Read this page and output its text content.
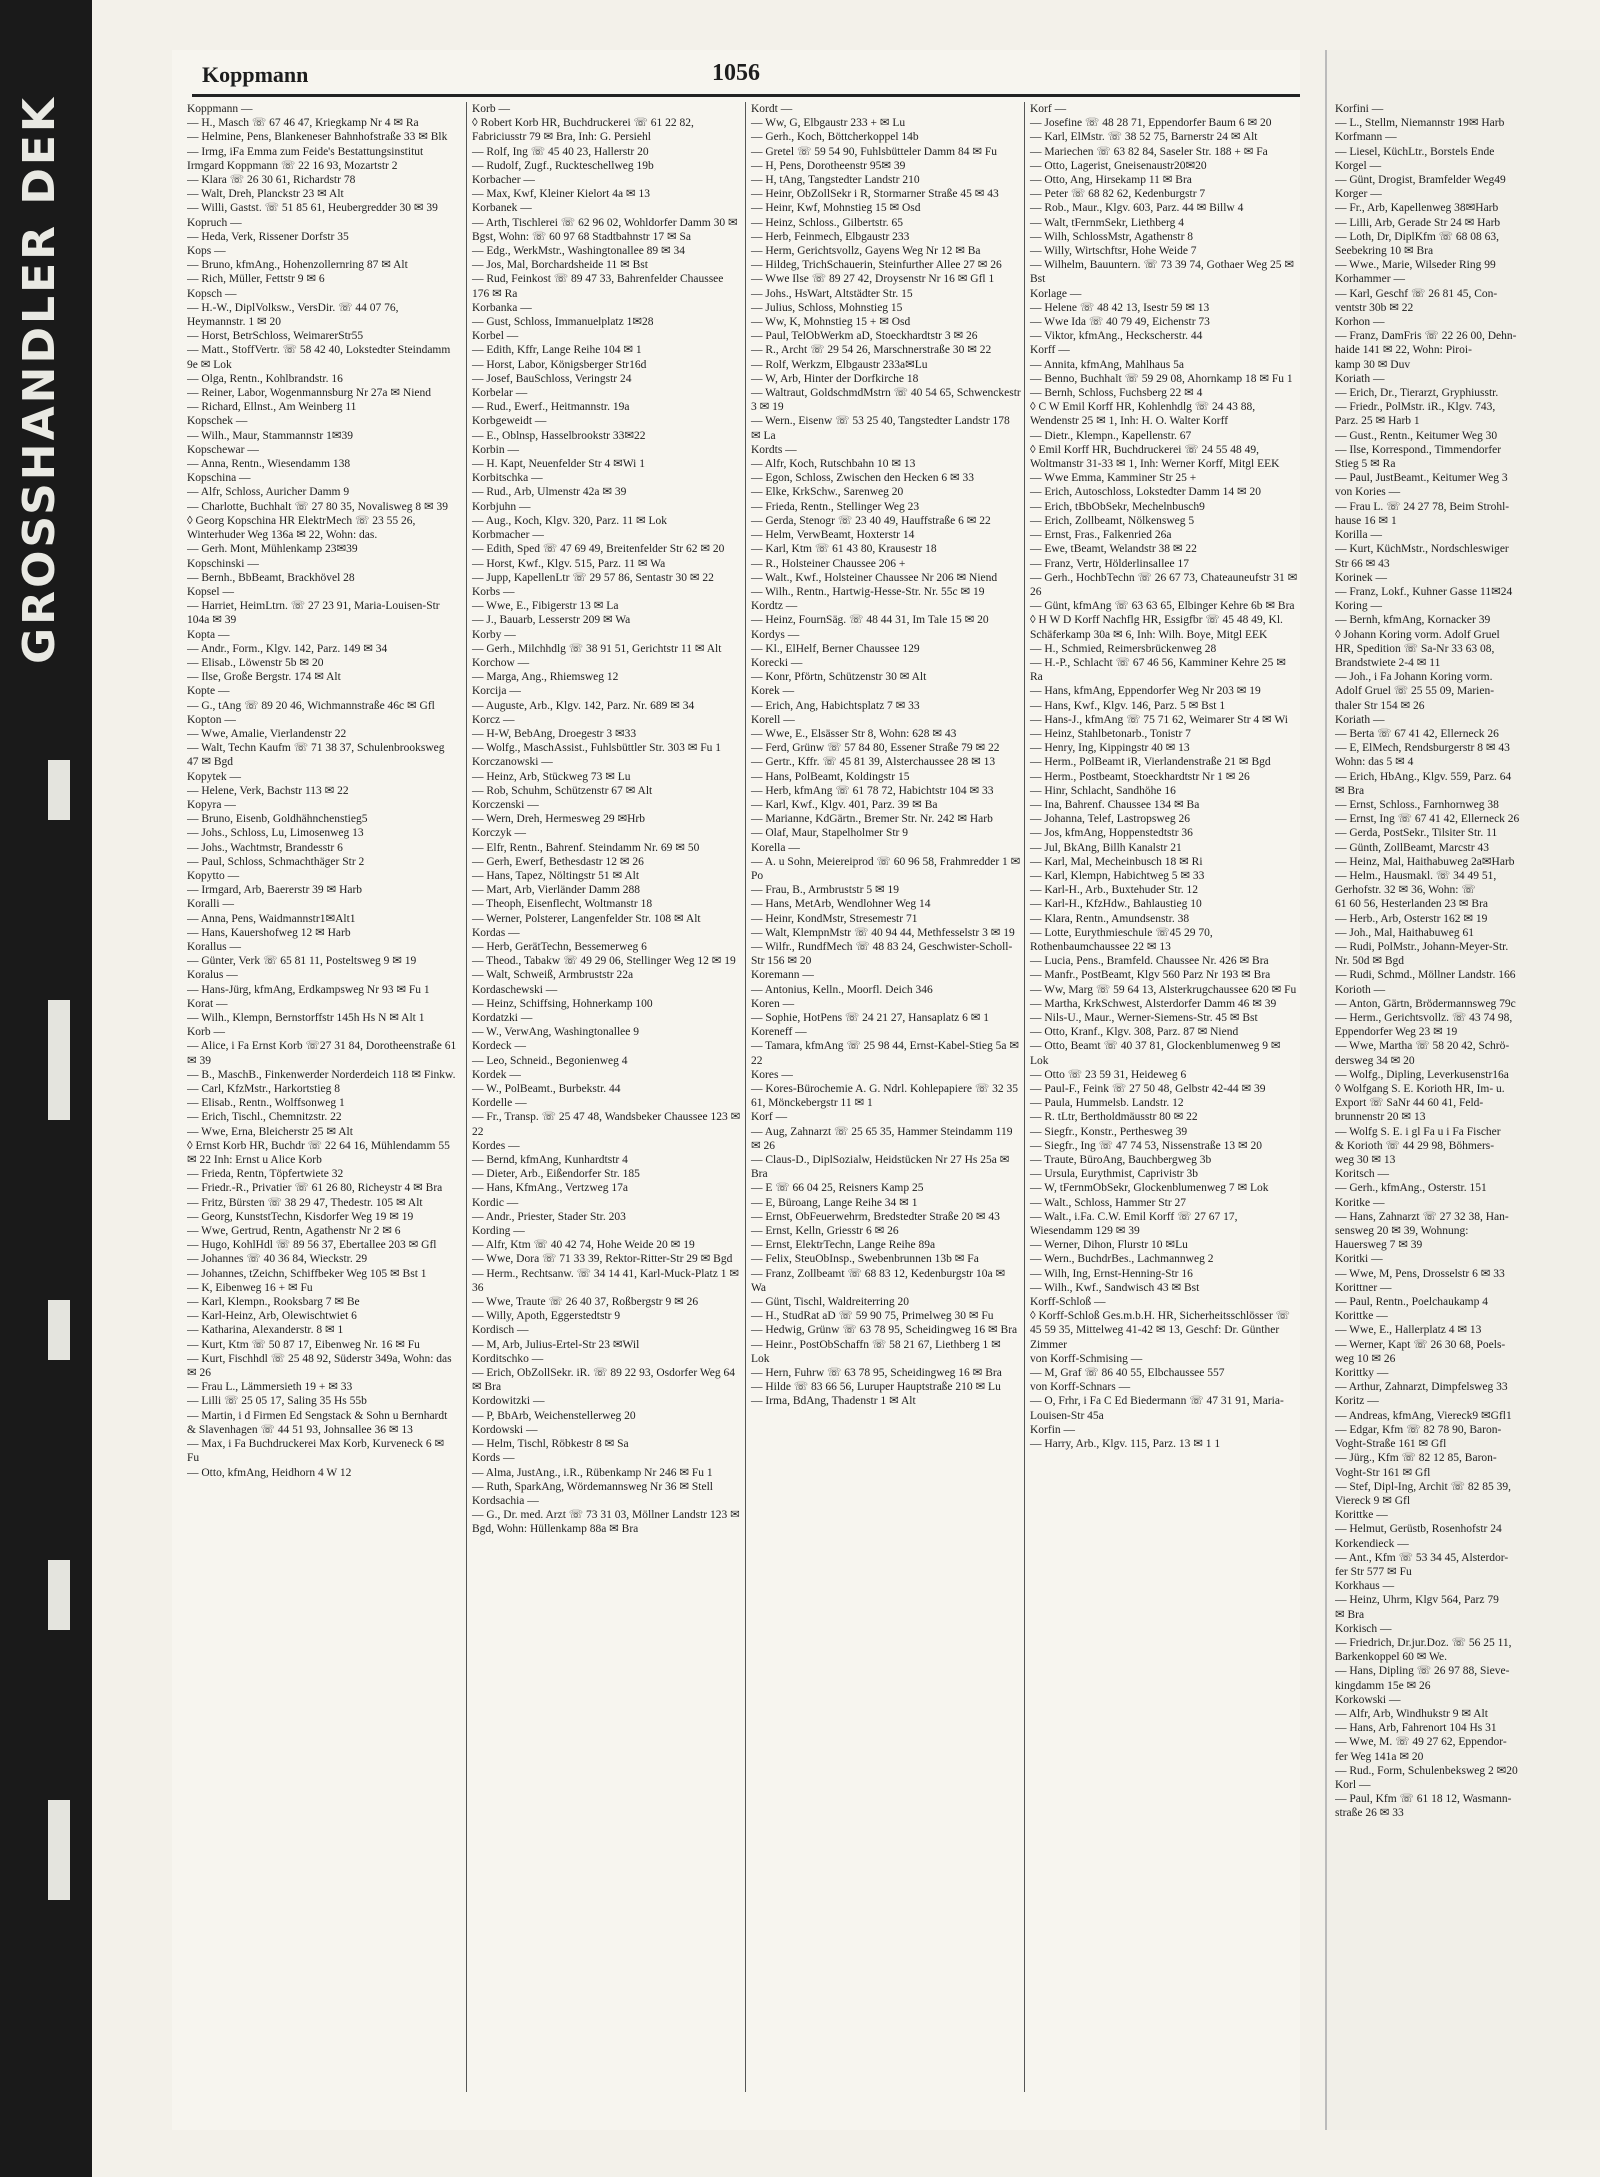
GROSSHANDLER DEK
Koppmann	1056

Koppmann —

— H., Masch ☏ 67 46 47, Kriegkamp Nr 4 ✉ Ra

— Helmine, Pens, Blankeneser Bahnhofstraße 33 ✉ Blk

— Irmg, iFa Emma zum Feide's Bestattungsinstitut Irmgard Koppmann ☏ 22 16 93, Mozartstr 2

— Klara ☏ 26 30 61, Richardstr 78

— Walt, Dreh, Planckstr 23 ✉ Alt

— Willi, Gastst. ☏ 51 85 61, Heubergredder 30 ✉ 39

Kopruch —

— Heda, Verk, Rissener Dorfstr 35

Kops —

— Bruno, kfmAng., Hohenzollernring 87 ✉ Alt

— Rich, Müller, Fettstr 9 ✉ 6

Kopsch —

— H.-W., DiplVolksw., VersDir. ☏ 44 07 76, Heymannstr. 1 ✉ 20

— Horst, BetrSchloss, WeimarerStr55

— Matt., StoffVertr. ☏ 58 42 40, Lokstedter Steindamm 9e ✉ Lok

— Olga, Rentn., Kohlbrandstr. 16

— Reiner, Labor, Wogenmannsburg Nr 27a ✉ Niend

— Richard, Ellnst., Am Weinberg 11

Kopschek —

— Wilh., Maur, Stammannstr 1✉39

Kopschewar —

— Anna, Rentn., Wiesendamm 138

Kopschina —

— Alfr, Schloss, Auricher Damm 9

— Charlotte, Buchhalt ☏ 27 80 35, Novalisweg 8 ✉ 39

◊ Georg Kopschina HR ElektrMech ☏ 23 55 26, Winterhuder Weg 136a ✉ 22, Wohn: das.

— Gerh. Mont, Mühlenkamp 23✉39

Kopschinski —

— Bernh., BbBeamt, Brackhövel 28

Kopsel —

— Harriet, HeimLtrn. ☏ 27 23 91, Maria-Louisen-Str 104a ✉ 39

Kopta —

— Andr., Form., Klgv. 142, Parz. 149 ✉ 34

— Elisab., Löwenstr 5b ✉ 20

— Ilse, Große Bergstr. 174 ✉ Alt

Kopte —

— G., tAng ☏ 89 20 46, Wichmannstraße 46c ✉ Gfl

Kopton —

— Wwe, Amalie, Vierlandenstr 22

— Walt, Techn Kaufm ☏ 71 38 37, Schulenbrooksweg 47 ✉ Bgd

Kopytek —

— Helene, Verk, Bachstr 113 ✉ 22

Kopyra —

— Bruno, Eisenb, Goldhähnchenstieg5

— Johs., Schloss, Lu, Limosenweg 13

— Johs., Wachtmstr, Brandesstr 6

— Paul, Schloss, Schmachthäger Str 2

Kopytto —

— Irmgard, Arb, Baererstr 39 ✉ Harb

Koralli —

— Anna, Pens, Waidmannstr1✉Alt1

— Hans, Kauershofweg 12 ✉ Harb

Korallus —

— Günter, Verk ☏ 65 81 11, Posteltsweg 9 ✉ 19

Koralus —

— Hans-Jürg, kfmAng, Erdkampsweg Nr 93 ✉ Fu 1

Korat —

— Wilh., Klempn, Bernstorffstr 145h Hs N ✉ Alt 1

Korb —

— Alice, i Fa Ernst Korb ☏27 31 84, Dorotheenstraße 61 ✉ 39

— B., MaschB., Finkenwerder Norderdeich 118 ✉ Finkw.

— Carl, KfzMstr., Harkortstieg 8

— Elisab., Rentn., Wolffsonweg 1

— Erich, Tischl., Chemnitzstr. 22

— Wwe, Erna, Bleicherstr 25 ✉ Alt

◊ Ernst Korb HR, Buchdr ☏ 22 64 16, Mühlendamm 55 ✉ 22 Inh: Ernst u Alice Korb

— Frieda, Rentn, Töpfertwiete 32

— Friedr.-R., Privatier ☏ 61 26 80, Richeystr 4 ✉ Bra

— Fritz, Bürsten ☏ 38 29 47, Thedestr. 105 ✉ Alt

— Georg, KunststTechn, Kisdorfer Weg 19 ✉ 19

— Wwe, Gertrud, Rentn, Agathenstr Nr 2 ✉ 6

— Hugo, KohlHdl ☏ 89 56 37, Ebertallee 203 ✉ Gfl

— Johannes ☏ 40 36 84, Wieckstr. 29

— Johannes, tZeichn, Schiffbeker Weg 105 ✉ Bst 1

— K, Eibenweg 16 + ✉ Fu

— Karl, Klempn., Rooksbarg 7 ✉ Be

— Karl-Heinz, Arb, Olewischtwiet 6

— Katharina, Alexanderstr. 8 ✉ 1

— Kurt, Ktm ☏ 50 87 17, Eibenweg Nr. 16 ✉ Fu

— Kurt, Fischhdl ☏ 25 48 92, Süderstr 349a, Wohn: das ✉ 26

— Frau L., Lämmersieth 19 + ✉ 33

— Lilli ☏ 25 05 17, Saling 35 Hs 55b

— Martin, i d Firmen Ed Sengstack & Sohn u Bernhardt & Slavenhagen ☏ 44 51 93, Johnsallee 36 ✉ 13

— Max, i Fa Buchdruckerei Max Korb, Kurveneck 6 ✉ Fu

— Otto, kfmAng, Heidhorn 4 W 12

Korb —

◊ Robert Korb HR, Buchdruckerei ☏ 61 22 82, Fabriciusstr 79 ✉ Bra, Inh: G. Persiehl

— Rolf, Ing ☏ 45 40 23, Hallerstr 20

— Rudolf, Zugf., Ruckteschellweg 19b

Korbacher —

— Max, Kwf, Kleiner Kielort 4a ✉ 13

Korbanek —

— Arth, Tischlerei ☏ 62 96 02, Wohldorfer Damm 30 ✉ Bgst, Wohn: ☏ 60 97 68 Stadtbahnstr 17 ✉ Sa

— Edg., WerkMstr., Washingtonallee 89 ✉ 34

— Jos, Mal, Borchardsheide 11 ✉ Bst

— Rud, Feinkost ☏ 89 47 33, Bahrenfelder Chaussee 176 ✉ Ra

Korbanka —

— Gust, Schloss, Immanuelplatz 1✉28

Korbel —

— Edith, Kffr, Lange Reihe 104 ✉ 1

— Horst, Labor, Königsberger Str16d

— Josef, BauSchloss, Veringstr 24

Korbelar —

— Rud., Ewerf., Heitmannstr. 19a

Korbgeweidt —

— E., Oblnsp, Hasselbrookstr 33✉22

Korbin —

— H. Kapt, Neuenfelder Str 4 ✉Wi 1

Korbitschka —

— Rud., Arb, Ulmenstr 42a ✉ 39

Korbjuhn —

— Aug., Koch, Klgv. 320, Parz. 11 ✉ Lok

Korbmacher —

— Edith, Sped ☏ 47 69 49, Breitenfelder Str 62 ✉ 20

— Horst, Kwf., Klgv. 515, Parz. 11 ✉ Wa

— Jupp, KapellenLtr ☏ 29 57 86, Sentastr 30 ✉ 22

Korbs —

— Wwe, E., Fibigerstr 13 ✉ La

— J., Bauarb, Lesserstr 209 ✉ Wa

Korby —

— Gerh., Milchhdlg ☏ 38 91 51, Gerichtstr 11 ✉ Alt

Korchow —

— Marga, Ang., Rhiemsweg 12

Korcija —

— Auguste, Arb., Klgv. 142, Parz. Nr. 689 ✉ 34

Korcz —

— H-W, BebAng, Droegestr 3 ✉33

— Wolfg., MaschAssist., Fuhlsbüttler Str. 303 ✉ Fu 1

Korczanowski —

— Heinz, Arb, Stückweg 73 ✉ Lu

— Rob, Schuhm, Schützenstr 67 ✉ Alt

Korczenski —

— Wern, Dreh, Hermesweg 29 ✉Hrb

Korczyk —

— Elfr, Rentn., Bahrenf. Steindamm Nr. 69 ✉ 50

— Gerh, Ewerf, Bethesdastr 12 ✉ 26

— Hans, Tapez, Nöltingstr 51 ✉ Alt

— Mart, Arb, Vierländer Damm 288

— Theoph, Eisenflecht, Woltmanstr 18

— Werner, Polsterer, Langenfelder Str. 108 ✉ Alt

Kordas —

— Herb, GerätTechn, Bessemerweg 6

— Theod., Tabakw ☏ 49 29 06, Stellinger Weg 12 ✉ 19

— Walt, Schweiß, Armbruststr 22a

Kordaschewski —

— Heinz, Schiffsing, Hohnerkamp 100

Kordatzki —

— W., VerwAng, Washingtonallee 9

Kordeck —

— Leo, Schneid., Begonienweg 4

Kordek —

— W., PolBeamt., Burbekstr. 44

Kordelle —

— Fr., Transp. ☏ 25 47 48, Wandsbeker Chaussee 123 ✉ 22

Kordes —

— Bernd, kfmAng, Kunhardtstr 4

— Dieter, Arb., Eißendorfer Str. 185

— Hans, KfmAng., Vertzweg 17a

Kordic —

— Andr., Priester, Stader Str. 203

Kording —

— Alfr, Ktm ☏ 40 42 74, Hohe Weide 20 ✉ 19

— Wwe, Dora ☏ 71 33 39, Rektor-Ritter-Str 29 ✉ Bgd

— Herm., Rechtsanw. ☏ 34 14 41, Karl-Muck-Platz 1 ✉ 36

— Wwe, Traute ☏ 26 40 37, Roßbergstr 9 ✉ 26

— Willy, Apoth, Eggerstedtstr 9

Kordisch —

— M, Arb, Julius-Ertel-Str 23 ✉Wil

Korditschko —

— Erich, ObZollSekr. iR. ☏ 89 22 93, Osdorfer Weg 64 ✉ Bra

Kordowitzki —

— P, BbArb, Weichenstellerweg 20

Kordowski —

— Helm, Tischl, Röbkestr 8 ✉ Sa

Kords —

— Alma, JustAng., i.R., Rübenkamp Nr 246 ✉ Fu 1

— Ruth, SparkAng, Wördemannsweg Nr 36 ✉ Stell

Kordsachia —

— G., Dr. med. Arzt ☏ 73 31 03, Möllner Landstr 123 ✉ Bgd, Wohn: Hüllenkamp 88a ✉ Bra

Kordt —

— Ww, G, Elbgaustr 233 + ✉ Lu

— Gerh., Koch, Böttcherkoppel 14b

— Gretel ☏ 59 54 90, Fuhlsbütteler Damm 84 ✉ Fu

— H, Pens, Dorotheenstr 95✉ 39

— H, tAng, Tangstedter Landstr 210

— Heinr, ObZollSekr i R, Stormarner Straße 45 ✉ 43

— Heinr, Kwf, Mohnstieg 15 ✉ Osd

— Heinz, Schloss., Gilbertstr. 65

— Herb, Feinmech, Elbgaustr 233

— Herm, Gerichtsvollz, Gayens Weg Nr 12 ✉ Ba

— Hildeg, TrichSchauerin, Steinfurther Allee 27 ✉ 26

— Wwe Ilse ☏ 89 27 42, Droysenstr Nr 16 ✉ Gfl 1

— Johs., HsWart, Altstädter Str. 15

— Julius, Schloss, Mohnstieg 15

— Ww, K, Mohnstieg 15 + ✉ Osd

— Paul, TelObWerkm aD, Stoeckhardtstr 3 ✉ 26

— R., Archt ☏ 29 54 26, Marschnerstraße 30 ✉ 22

— Rolf, Werkzm, Elbgaustr 233a✉Lu

— W, Arb, Hinter der Dorfkirche 18

— Waltraut, GoldschmdMstrn ☏ 40 54 65, Schwenckestr 3 ✉ 19

— Wern., Eisenw ☏ 53 25 40, Tangstedter Landstr 178 ✉ La

Kordts —

— Alfr, Koch, Rutschbahn 10 ✉ 13

— Egon, Schloss, Zwischen den Hecken 6 ✉ 33

— Elke, KrkSchw., Sarenweg 20

— Frieda, Rentn., Stellinger Weg 23

— Gerda, Stenogr ☏ 23 40 49, Hauffstraße 6 ✉ 22

— Helm, VerwBeamt, Hoxterstr 14

— Karl, Ktm ☏ 61 43 80, Krausestr 18

— R., Holsteiner Chaussee 206 +

— Walt., Kwf., Holsteiner Chaussee Nr 206 ✉ Niend

— Wilh., Rentn., Hartwig-Hesse-Str. Nr. 55c ✉ 19

Kordtz —

— Heinz, FournSäg. ☏ 48 44 31, Im Tale 15 ✉ 20

Kordys —

— Kl., ElHelf, Berner Chaussee 129

Korecki —

— Konr, Pförtn, Schützenstr 30 ✉ Alt

Korek —

— Erich, Ang, Habichtsplatz 7 ✉ 33

Korell —

— Wwe, E., Elsässer Str 8, Wohn: 628 ✉ 43

— Ferd, Grünw ☏ 57 84 80, Essener Straße 79 ✉ 22

— Gertr., Kffr. ☏ 45 81 39, Alsterchaussee 28 ✉ 13

— Hans, PolBeamt, Koldingstr 15

— Herb, kfmAng ☏ 61 78 72, Habichtstr 104 ✉ 33

— Karl, Kwf., Klgv. 401, Parz. 39 ✉ Ba

— Marianne, KdGärtn., Bremer Str. Nr. 242 ✉ Harb

— Olaf, Maur, Stapelholmer Str 9

Korella —

— A. u Sohn, Meiereiprod ☏ 60 96 58, Frahmredder 1 ✉ Po

— Frau, B., Armbruststr 5 ✉ 19

— Hans, MetArb, Wendlohner Weg 14

— Heinr, KondMstr, Stresemestr 71

— Walt, KlempnMstr ☏ 40 94 44, Methfesselstr 3 ✉ 19

— Wilfr., RundfMech ☏ 48 83 24, Geschwister-Scholl-Str 156 ✉ 20

Koremann —

— Antonius, Kelln., Moorfl. Deich 346

Koren —

— Sophie, HotPens ☏ 24 21 27, Hansaplatz 6 ✉ 1

Koreneff —

— Tamara, kfmAng ☏ 25 98 44, Ernst-Kabel-Stieg 5a ✉ 22

Kores —

— Kores-Bürochemie A. G. Ndrl. Kohlepapiere ☏ 32 35 61, Mönckebergstr 11 ✉ 1

Korf —

— Aug, Zahnarzt ☏ 25 65 35, Hammer Steindamm 119 ✉ 26

— Claus-D., DiplSozialw, Heidstücken Nr 27 Hs 25a ✉ Bra

— E ☏ 66 04 25, Reisners Kamp 25

— E, Büroang, Lange Reihe 34 ✉ 1

— Ernst, ObFeuerwehrm, Bredstedter Straße 20 ✉ 43

— Ernst, Kelln, Griesstr 6 ✉ 26

— Ernst, ElektrTechn, Lange Reihe 89a

— Felix, SteuObInsp., Swebenbrunnen 13b ✉ Fa

— Franz, Zollbeamt ☏ 68 83 12, Kedenburgstr 10a ✉ Wa

— Günt, Tischl, Waldreiterring 20

— H., StudRat aD ☏ 59 90 75, Primelweg 30 ✉ Fu

— Hedwig, Grünw ☏ 63 78 95, Scheidingweg 16 ✉ Bra

— Heinr., PostObSchaffn ☏ 58 21 67, Liethberg 1 ✉ Lok

— Hern, Fuhrw ☏ 63 78 95, Scheidingweg 16 ✉ Bra

— Hilde ☏ 83 66 56, Luruper Hauptstraße 210 ✉ Lu

— Irma, BdAng, Thadenstr 1 ✉ Alt

Korf —

— Josefine ☏ 48 28 71, Eppendorfer Baum 6 ✉ 20

— Karl, ElMstr. ☏ 38 52 75, Barnerstr 24 ✉ Alt

— Mariechen ☏ 63 82 84, Saseler Str. 188 + ✉ Fa

— Otto, Lagerist, Gneisenaustr20✉20

— Otto, Ang, Hirsekamp 11 ✉ Bra

— Peter ☏ 68 82 62, Kedenburgstr 7

— Rob., Maur., Klgv. 603, Parz. 44 ✉ Billw 4

— Walt, tFernmSekr, Liethberg 4

— Wilh, SchlossMstr, Agathenstr 8

— Willy, Wirtschftsr, Hohe Weide 7

— Wilhelm, Bauuntern. ☏ 73 39 74, Gothaer Weg 25 ✉ Bst

Korlage —

— Helene ☏ 48 42 13, Isestr 59 ✉ 13

— Wwe Ida ☏ 40 79 49, Eichenstr 73

— Viktor, kfmAng., Heckscherstr. 44

Korff —

— Annita, kfmAng, Mahlhaus 5a

— Benno, Buchhalt ☏ 59 29 08, Ahornkamp 18 ✉ Fu 1

— Bernh, Schloss, Fuchsberg 22 ✉ 4

◊ C W Emil Korff HR, Kohlenhdlg ☏ 24 43 88, Wendenstr 25 ✉ 1, Inh: H. O. Walter Korff

— Dietr., Klempn., Kapellenstr. 67

◊ Emil Korff HR, Buchdruckerei ☏ 24 55 48 49, Woltmanstr 31-33 ✉ 1, Inh: Werner Korff, Mitgl EEK

— Wwe Emma, Kamminer Str 25 +

— Erich, Autoschloss, Lokstedter Damm 14 ✉ 20

— Erich, tBbObSekr, Mechelnbusch9

— Erich, Zollbeamt, Nölkensweg 5

— Ernst, Fras., Falkenried 26a

— Ewe, tBeamt, Welandstr 38 ✉ 22

— Franz, Vertr, Hölderlinsallee 17

— Gerh., HochbTechn ☏ 26 67 73, Chateauneufstr 31 ✉ 26

— Günt, kfmAng ☏ 63 63 65, Elbinger Kehre 6b ✉ Bra

◊ H W D Korff Nachflg HR, Essigfbr ☏ 45 48 49, Kl. Schäferkamp 30a ✉ 6, Inh: Wilh. Boye, Mitgl EEK

— H., Schmied, Reimersbrückenweg 28

— H.-P., Schlacht ☏ 67 46 56, Kamminer Kehre 25 ✉ Ra

— Hans, kfmAng, Eppendorfer Weg Nr 203 ✉ 19

— Hans, Kwf., Klgv. 146, Parz. 5 ✉ Bst 1

— Hans-J., kfmAng ☏ 75 71 62, Weimarer Str 4 ✉ Wi

— Heinz, Stahlbetonarb., Tonistr 7

— Henry, Ing, Kippingstr 40 ✉ 13

— Herm., PolBeamt iR, Vierlandenstraße 21 ✉ Bgd

— Herm., Postbeamt, Stoeckhardtstr Nr 1 ✉ 26

— Hinr, Schlacht, Sandhöhe 16

— Ina, Bahrenf. Chaussee 134 ✉ Ba

— Johanna, Telef, Lastropsweg 26

— Jos, kfmAng, Hoppenstedtstr 36

— Jul, BkAng, Billh Kanalstr 21

— Karl, Mal, Mecheinbusch 18 ✉ Ri

— Karl, Klempn, Habichtweg 5 ✉ 33

— Karl-H., Arb., Buxtehuder Str. 12

— Karl-H., KfzHdw., Bahlaustieg 10

— Klara, Rentn., Amundsenstr. 38

— Lotte, Eurythmieschule ☏45 29 70, Rothenbaumchaussee 22 ✉ 13

— Lucia, Pens., Bramfeld. Chaussee Nr. 426 ✉ Bra

— Manfr., PostBeamt, Klgv 560 Parz Nr 193 ✉ Bra

— Ww, Marg ☏ 59 64 13, Alsterkrugchaussee 620 ✉ Fu

— Martha, KrkSchwest, Alsterdorfer Damm 46 ✉ 39

— Nils-U., Maur., Werner-Siemens-Str. 45 ✉ Bst

— Otto, Kranf., Klgv. 308, Parz. 87 ✉ Niend

— Otto, Beamt ☏ 40 37 81, Glockenblumenweg 9 ✉ Lok

— Otto ☏ 23 59 31, Heideweg 6

— Paul-F., Feink ☏ 27 50 48, Gelbstr 42-44 ✉ 39

— Paula, Hummelsb. Landstr. 12

— R. tLtr, Bertholdmäusstr 80 ✉ 22

— Siegfr., Konstr., Perthesweg 39

— Siegfr., Ing ☏ 47 74 53, Nissenstraße 13 ✉ 20

— Traute, BüroAng, Bauchbergweg 3b

— Ursula, Eurythmist, Caprivistr 3b

— W, tFernmObSekr, Glockenblumenweg 7 ✉ Lok

— Walt., Schloss, Hammer Str 27

— Walt., i.Fa. C.W. Emil Korff ☏ 27 67 17, Wiesendamm 129 ✉ 39

— Werner, Dihon, Flurstr 10 ✉Lu

— Wern., BuchdrBes., Lachmannweg 2

— Wilh, Ing, Ernst-Henning-Str 16

— Wilh., Kwf., Sandwisch 43 ✉ Bst

Korff-Schloß —

◊ Korff-Schloß Ges.m.b.H. HR, Sicherheitsschlösser ☏ 45 59 35, Mittelweg 41-42 ✉ 13, Geschf: Dr. Günther Zimmer

von Korff-Schmising —

— M, Graf ☏ 86 40 55, Elbchaussee 557

von Korff-Schnars —

— O, Frhr, i Fa C Ed Biedermann ☏ 47 31 91, Maria-Louisen-Str 45a

Korfin —

— Harry, Arb., Klgv. 115, Parz. 13 ✉ 1 1

Korfini —

— L., Stellm, Niemannstr 19✉ Harb

Korfmann —

— Liesel, KüchLtr., Borstels Ende

Korgel —

— Günt, Drogist, Bramfelder Weg49

Korger —

— Fr., Arb, Kapellenweg 38✉Harb

— Lilli, Arb, Gerade Str 24 ✉ Harb

— Loth, Dr, DiplKfm ☏ 68 08 63,

Seebekring 10 ✉ Bra

— Wwe., Marie, Wilseder Ring 99

Korhammer —

— Karl, Geschf ☏ 26 81 45, Con-

ventstr 30b ✉ 22

Korhon —

— Franz, DamFris ☏ 22 26 00, Dehn-

haide 141 ✉ 22, Wohn: Piroi-

kamp 30 ✉ Duv

Koriath —

— Erich, Dr., Tierarzt, Gryphiusstr.

— Friedr., PolMstr. iR., Klgv. 743,

Parz. 25 ✉ Harb 1

— Gust., Rentn., Keitumer Weg 30

— Ilse, Korrespond., Timmendorfer

Stieg 5 ✉ Ra

— Paul, JustBeamt., Keitumer Weg 3

von Kories —

— Frau L. ☏ 24 27 78, Beim Strohl-

hause 16 ✉ 1

Korilla —

— Kurt, KüchMstr., Nordschleswiger

Str 66 ✉ 43

Korinek —

— Franz, Lokf., Kuhner Gasse 11✉24

Koring —

— Bernh, kfmAng, Kornacker 39

◊ Johann Koring vorm. Adolf Gruel

HR, Spedition ☏ Sa-Nr 33 63 08,

Brandstwiete 2-4 ✉ 11

— Joh., i Fa Johann Koring vorm.

Adolf Gruel ☏ 25 55 09, Marien-

thaler Str 154 ✉ 26

Koriath —

— Berta ☏ 67 41 42, Ellerneck 26

— E, ElMech, Rendsburgerstr 8 ✉ 43

Wohn: das 5 ✉ 4

— Erich, HbAng., Klgv. 559, Parz. 64

✉ Bra

— Ernst, Schloss., Farnhornweg 38

— Ernst, Ing ☏ 67 41 42, Ellerneck 26

— Gerda, PostSekr., Tilsiter Str. 11

— Günth, ZollBeamt, Marcstr 43

— Heinz, Mal, Haithabuweg 2a✉Harb

— Helm., Hausmakl. ☏ 34 49 51,

Gerhofstr. 32 ✉ 36, Wohn: ☏

61 60 56, Hesterlanden 23 ✉ Bra

— Herb., Arb, Osterstr 162 ✉ 19

— Joh., Mal, Haithabuweg 61

— Rudi, PolMstr., Johann-Meyer-Str.

Nr. 50d ✉ Bgd

— Rudi, Schmd., Möllner Landstr. 166

Korioth —

— Anton, Gärtn, Brödermannsweg 79c

— Herm., Gerichtsvollz. ☏ 43 74 98,

Eppendorfer Weg 23 ✉ 19

— Wwe, Martha ☏ 58 20 42, Schrö-

dersweg 34 ✉ 20

— Wolfg., Dipling, Leverkusenstr16a

◊ Wolfgang S. E. Korioth HR, Im- u.

Export ☏ SaNr 44 60 41, Feld-

brunnenstr 20 ✉ 13

— Wolfg S. E. i gl Fa u i Fa Fischer

& Korioth ☏ 44 29 98, Böhmers-

weg 30 ✉ 13

Koritsch —

— Gerh., kfmAng., Osterstr. 151

Koritke —

— Hans, Zahnarzt ☏ 27 32 38, Han-

sensweg 20 ✉ 39, Wohnung:

Hauersweg 7 ✉ 39

Koritki —

— Wwe, M, Pens, Drosselstr 6 ✉ 33

Korittner —

— Paul, Rentn., Poelchaukamp 4

Korittke —

— Wwe, E., Hallerplatz 4 ✉ 13

— Werner, Kapt ☏ 26 30 68, Poels-

weg 10 ✉ 26

Korittky —

— Arthur, Zahnarzt, Dimpfelsweg 33

Koritz —

— Andreas, kfmAng, Viereck9 ✉Gfl1

— Edgar, Kfm ☏ 82 78 90, Baron-

Voght-Straße 161 ✉ Gfl

— Jürg., Kfm ☏ 82 12 85, Baron-

Voght-Str 161 ✉ Gfl

— Stef, Dipl-Ing, Archit ☏ 82 85 39,

Viereck 9 ✉ Gfl

Korittke —

— Helmut, Gerüstb, Rosenhofstr 24

Korkendieck —

— Ant., Kfm ☏ 53 34 45, Alsterdor-

fer Str 577 ✉ Fu

Korkhaus —

— Heinz, Uhrm, Klgv 564, Parz 79

✉ Bra

Korkisch —

— Friedrich, Dr.jur.Doz. ☏ 56 25 11,

Barkenkoppel 60 ✉ We.

— Hans, Dipling ☏ 26 97 88, Sieve-

kingdamm 15e ✉ 26

Korkowski —

— Alfr, Arb, Windhukstr 9 ✉ Alt

— Hans, Arb, Fahrenort 104 Hs 31

— Wwe, M. ☏ 49 27 62, Eppendor-

fer Weg 141a ✉ 20

— Rud., Form, Schulenbeksweg 2 ✉20

Korl —

— Paul, Kfm ☏ 61 18 12, Wasmann-

straße 26 ✉ 33
